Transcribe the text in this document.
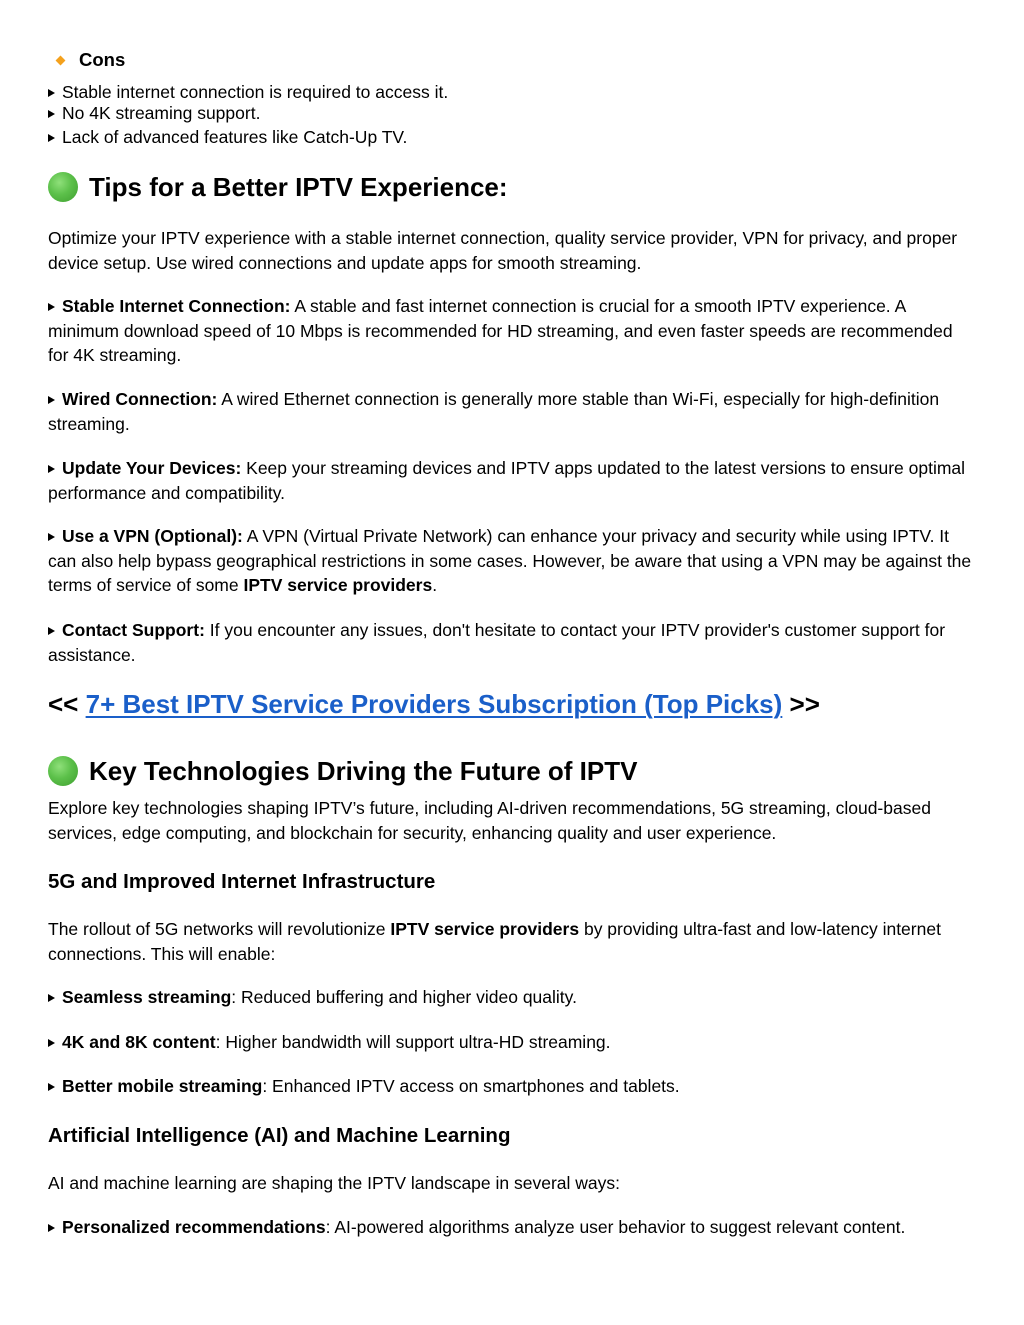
Cons
Stable internet connection is required to access it.
No 4K streaming support.
Lack of advanced features like Catch-Up TV.
Tips for a Better IPTV Experience:
Optimize your IPTV experience with a stable internet connection, quality service provider, VPN for privacy, and proper device setup. Use wired connections and update apps for smooth streaming.
Stable Internet Connection: A stable and fast internet connection is crucial for a smooth IPTV experience. A minimum download speed of 10 Mbps is recommended for HD streaming, and even faster speeds are recommended for 4K streaming.
Wired Connection: A wired Ethernet connection is generally more stable than Wi-Fi, especially for high-definition streaming.
Update Your Devices: Keep your streaming devices and IPTV apps updated to the latest versions to ensure optimal performance and compatibility.
Use a VPN (Optional): A VPN (Virtual Private Network) can enhance your privacy and security while using IPTV. It can also help bypass geographical restrictions in some cases. However, be aware that using a VPN may be against the terms of service of some IPTV service providers.
Contact Support: If you encounter any issues, don't hesitate to contact your IPTV provider's customer support for assistance.
<< 7+ Best IPTV Service Providers Subscription (Top Picks) >>
Key Technologies Driving the Future of IPTV
Explore key technologies shaping IPTV’s future, including AI-driven recommendations, 5G streaming, cloud-based services, edge computing, and blockchain for security, enhancing quality and user experience.
5G and Improved Internet Infrastructure
The rollout of 5G networks will revolutionize IPTV service providers by providing ultra-fast and low-latency internet connections. This will enable:
Seamless streaming: Reduced buffering and higher video quality.
4K and 8K content: Higher bandwidth will support ultra-HD streaming.
Better mobile streaming: Enhanced IPTV access on smartphones and tablets.
Artificial Intelligence (AI) and Machine Learning
AI and machine learning are shaping the IPTV landscape in several ways:
Personalized recommendations: AI-powered algorithms analyze user behavior to suggest relevant content.
